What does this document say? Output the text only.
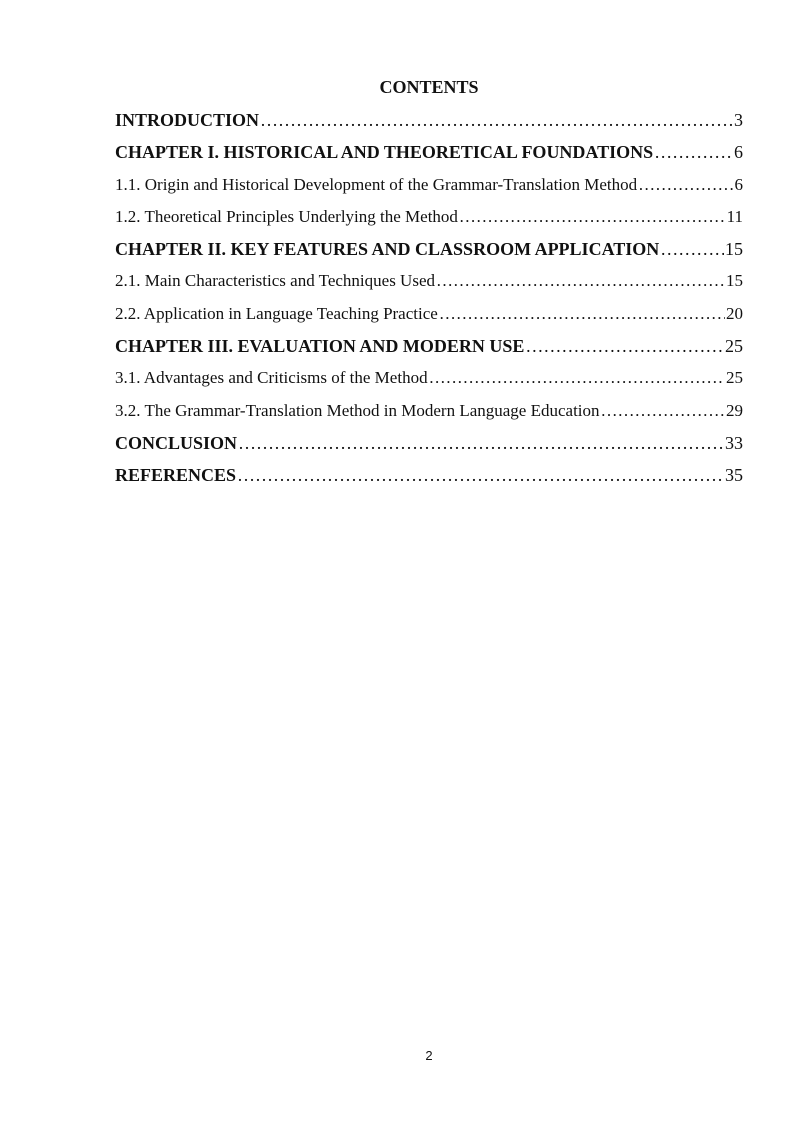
CONTENTS
INTRODUCTION ………………………………………………………………………………………………………………………………………………………………	3
CHAPTER I. HISTORICAL AND THEORETICAL FOUNDATIONS ………………………………………………………………………………………………………………………………………………………………	6
1.1. Origin and Historical Development of the Grammar-Translation Method ………………………………………………………………………………………………………………………………………………………………	6
1.2. Theoretical Principles Underlying the Method ………………………………………………………………………………………………………………………………………………………………	11
CHAPTER II. KEY FEATURES AND CLASSROOM APPLICATION ………………………………………………………………………………………………………………………………………………………………	15
2.1. Main Characteristics and Techniques Used ………………………………………………………………………………………………………………………………………………………………	15
2.2. Application in Language Teaching Practice ………………………………………………………………………………………………………………………………………………………………	20
CHAPTER III. EVALUATION AND MODERN USE ………………………………………………………………………………………………………………………………………………………………	25
3.1. Advantages and Criticisms of the Method ………………………………………………………………………………………………………………………………………………………………	25
3.2. The Grammar-Translation Method in Modern Language Education ………………………………………………………………………………………………………………………………………………………………	29
CONCLUSION ………………………………………………………………………………………………………………………………………………………………	33
REFERENCES ………………………………………………………………………………………………………………………………………………………………	35
2
